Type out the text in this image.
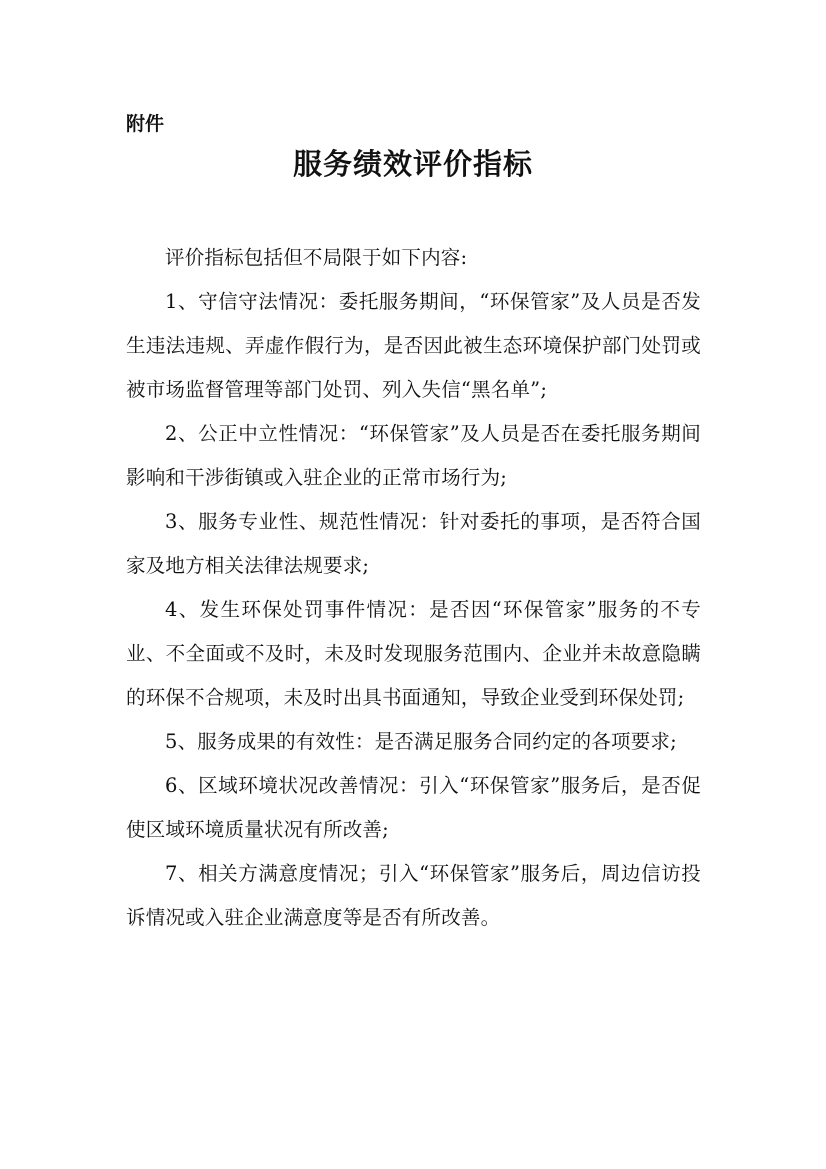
附件
服务绩效评价指标

评价指标包括但不局限于如下内容:

1、守信守法情况：委托服务期间，“环保管家”及人员是否发生违法违规、弄虚作假行为，是否因此被生态环境保护部门处罚或被市场监督管理等部门处罚、列入失信“黑名单”;

2、公正中立性情况：“环保管家”及人员是否在委托服务期间影响和干涉街镇或入驻企业的正常市场行为;

3、服务专业性、规范性情况：针对委托的事项，是否符合国家及地方相关法律法规要求;

4、发生环保处罚事件情况：是否因“环保管家”服务的不专业、不全面或不及时，未及时发现服务范围内、企业并未故意隐瞒的环保不合规项，未及时出具书面通知，导致企业受到环保处罚;

5、服务成果的有效性：是否满足服务合同约定的各项要求;

6、区域环境状况改善情况：引入“环保管家”服务后，是否促使区域环境质量状况有所改善;

7、相关方满意度情况；引入“环保管家”服务后，周边信访投诉情况或入驻企业满意度等是否有所改善。
